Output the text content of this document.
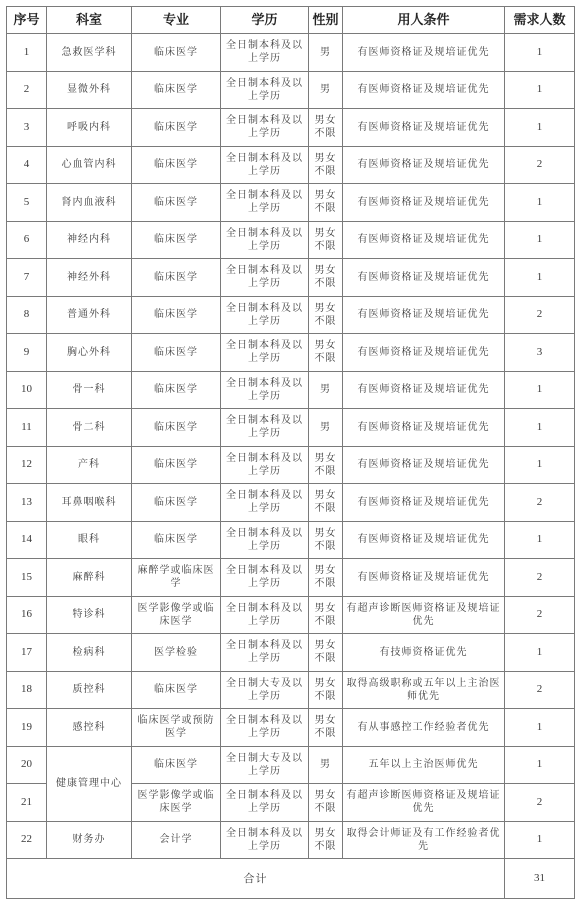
序号	科室	专业	学历	性别	用人条件	需求人数
1	急救医学科	临床医学	全日制本科及以上学历	男	有医师资格证及规培证优先	1
2	显微外科	临床医学	全日制本科及以上学历	男	有医师资格证及规培证优先	1
3	呼吸内科	临床医学	全日制本科及以上学历	男女不限	有医师资格证及规培证优先	1
4	心血管内科	临床医学	全日制本科及以上学历	男女不限	有医师资格证及规培证优先	2
5	肾内血液科	临床医学	全日制本科及以上学历	男女不限	有医师资格证及规培证优先	1
6	神经内科	临床医学	全日制本科及以上学历	男女不限	有医师资格证及规培证优先	1
7	神经外科	临床医学	全日制本科及以上学历	男女不限	有医师资格证及规培证优先	1
8	普通外科	临床医学	全日制本科及以上学历	男女不限	有医师资格证及规培证优先	2
9	胸心外科	临床医学	全日制本科及以上学历	男女不限	有医师资格证及规培证优先	3
10	骨一科	临床医学	全日制本科及以上学历	男	有医师资格证及规培证优先	1
11	骨二科	临床医学	全日制本科及以上学历	男	有医师资格证及规培证优先	1
12	产科	临床医学	全日制本科及以上学历	男女不限	有医师资格证及规培证优先	1
13	耳鼻咽喉科	临床医学	全日制本科及以上学历	男女不限	有医师资格证及规培证优先	2
14	眼科	临床医学	全日制本科及以上学历	男女不限	有医师资格证及规培证优先	1
15	麻醉科	麻醉学或临床医学	全日制本科及以上学历	男女不限	有医师资格证及规培证优先	2
16	特诊科	医学影像学或临床医学	全日制本科及以上学历	男女不限	有超声诊断医师资格证及规培证优先	2
17	检病科	医学检验	全日制本科及以上学历	男女不限	有技师资格证优先	1
18	质控科	临床医学	全日制大专及以上学历	男女不限	取得高级职称或五年以上主治医师优先	2
19	感控科	临床医学或预防医学	全日制本科及以上学历	男女不限	有从事感控工作经验者优先	1
20	健康管理中心	临床医学	全日制大专及以上学历	男	五年以上主治医师优先	1
21		医学影像学或临床医学	全日制本科及以上学历	男女不限	有超声诊断医师资格证及规培证优先	2
22	财务办	会计学	全日制本科及以上学历	男女不限	取得会计师证及有工作经验者优先	1
合计						31
